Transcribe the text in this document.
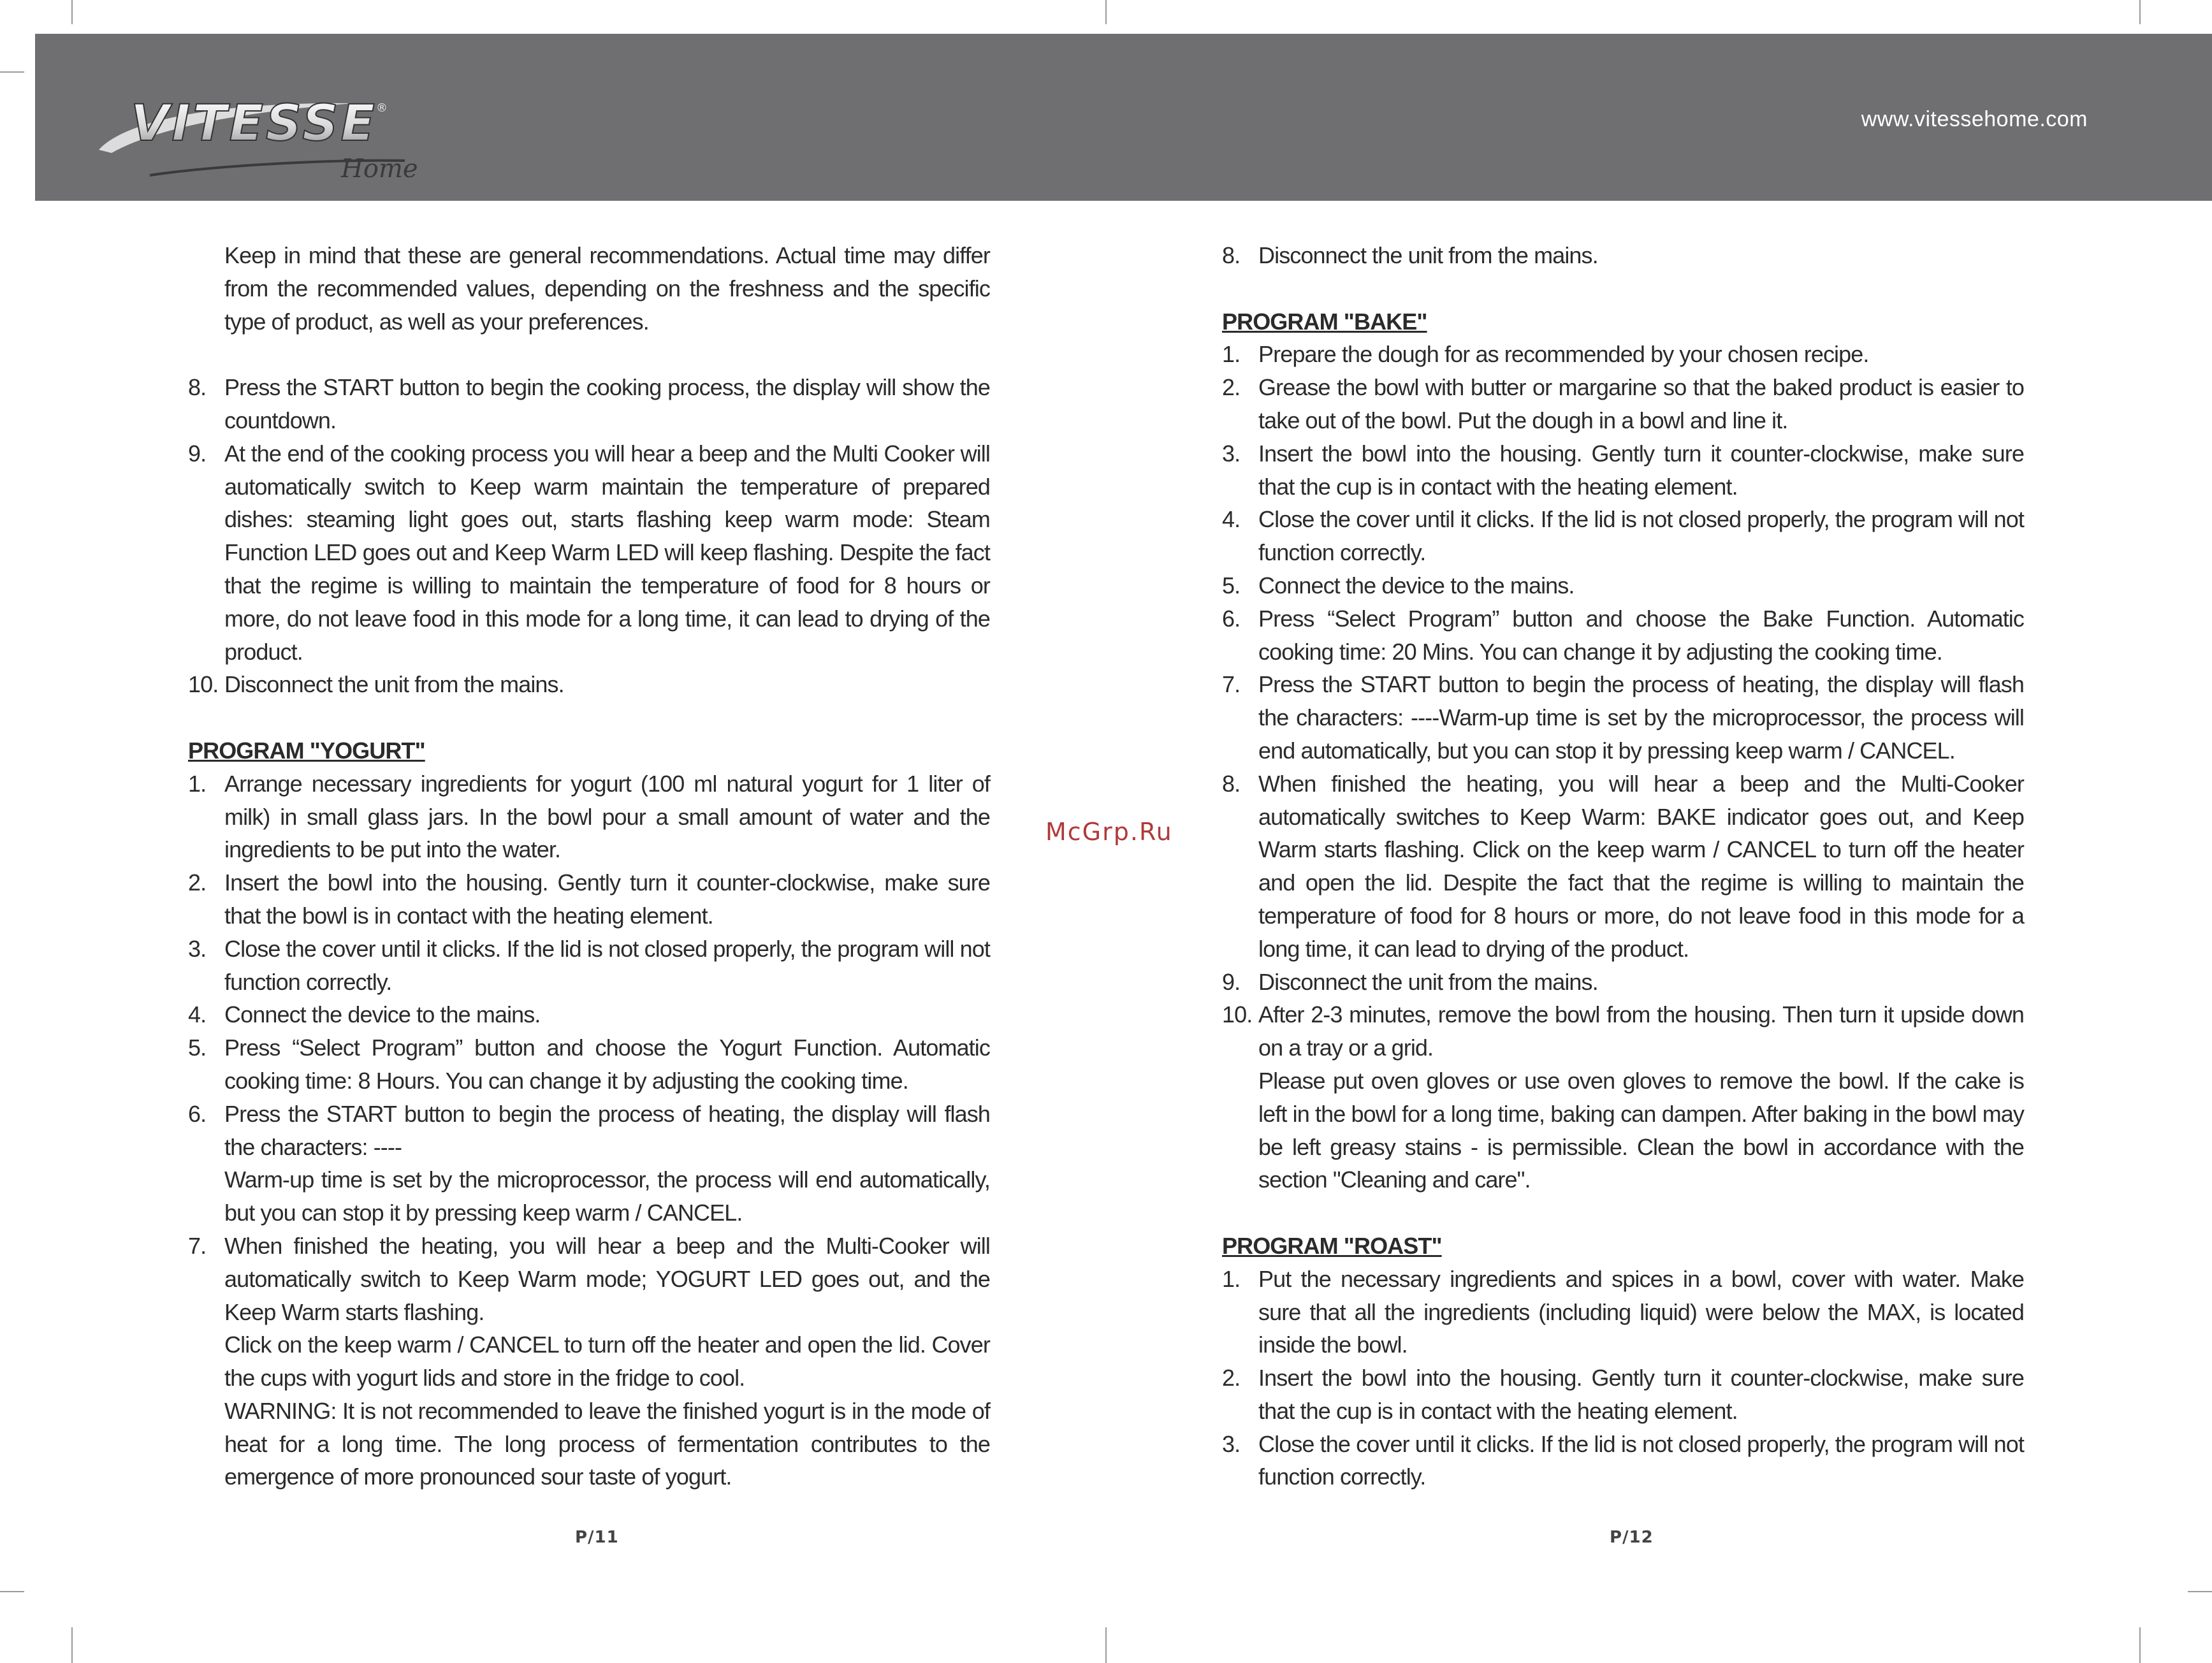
VITESSE
Home
®	www.vitessehome.com
Keep in mind that these are general recommendations. Actual time may differ from the recommended values, depending on the freshness and the specific type of product, as well as your preferences.
8. Press the START button to begin the cooking process, the display will show the countdown.
9. At the end of the cooking process you will hear a beep and the Multi Cooker will automatically switch to Keep warm maintain the temperature of prepared dishes: steaming light goes out, starts flashing keep warm mode: Steam Function LED goes out and Keep Warm LED will keep flashing. Despite the fact that the regime is willing to maintain the temperature of food for 8 hours or more, do not leave food in this mode for a long time, it can lead to drying of the product.
10. Disconnect the unit from the mains.
PROGRAM "YOGURT"
1. Arrange necessary ingredients for yogurt (100 ml natural yogurt for 1 liter of milk) in small glass jars. In the bowl pour a small amount of water and the ingredients to be put into the water.
2. Insert the bowl into the housing. Gently turn it counter-clockwise, make sure that the bowl is in contact with the heating element.
3. Close the cover until it clicks. If the lid is not closed properly, the program will not function correctly.
4. Connect the device to the mains.
5. Press “Select Program” button and choose the Yogurt Function. Automatic cooking time: 8 Hours. You can change it by adjusting the cooking time.
6. Press the START button to begin the process of heating, the display will flash the characters: ----
Warm-up time is set by the microprocessor, the process will end automatically, but you can stop it by pressing keep warm / CANCEL.
7. When finished the heating, you will hear a beep and the Multi-Cooker will automatically switch to Keep Warm mode; YOGURT LED goes out, and the Keep Warm starts flashing.
Click on the keep warm / CANCEL to turn off the heater and open the lid. Cover the cups with yogurt lids and store in the fridge to cool.
WARNING: It is not recommended to leave the finished yogurt is in the mode of heat for a long time. The long process of fermentation contributes to the emergence of more pronounced sour taste of yogurt.
8. Disconnect the unit from the mains.
PROGRAM "BAKE"
1. Prepare the dough for as recommended by your chosen recipe.
2. Grease the bowl with butter or margarine so that the baked product is easier to take out of the bowl. Put the dough in a bowl and line it.
3. Insert the bowl into the housing. Gently turn it counter-clockwise, make sure that the cup is in contact with the heating element.
4. Close the cover until it clicks. If the lid is not closed properly, the program will not function correctly.
5. Connect the device to the mains.
6. Press “Select Program” button and choose the Bake Function. Automatic cooking time: 20 Mins. You can change it by adjusting the cooking time.
7. Press the START button to begin the process of heating, the display will flash the characters: ----Warm-up time is set by the microprocessor, the process will end automatically, but you can stop it by pressing keep warm / CANCEL.
8. When finished the heating, you will hear a beep and the Multi-Cooker automatically switches to Keep Warm: BAKE indicator goes out, and Keep Warm starts flashing. Click on the keep warm / CANCEL to turn off the heater and open the lid. Despite the fact that the regime is willing to maintain the temperature of food for 8 hours or more, do not leave food in this mode for a long time, it can lead to drying of the product.
9. Disconnect the unit from the mains.
10. After 2-3 minutes, remove the bowl from the housing. Then turn it upside down on a tray or a grid.
Please put oven gloves or use oven gloves to remove the bowl. If the cake is left in the bowl for a long time, baking can dampen. After baking in the bowl may be left greasy stains - is permissible. Clean the bowl in accordance with the section "Cleaning and care".
PROGRAM "ROAST"
1. Put the necessary ingredients and spices in a bowl, cover with water. Make sure that all the ingredients (including liquid) were below the MAX, is located inside the bowl.
2. Insert the bowl into the housing. Gently turn it counter-clockwise, make sure that the cup is in contact with the heating element.
3. Close the cover until it clicks. If the lid is not closed properly, the program will not function correctly.
McGrp.Ru
P/11	P/12
